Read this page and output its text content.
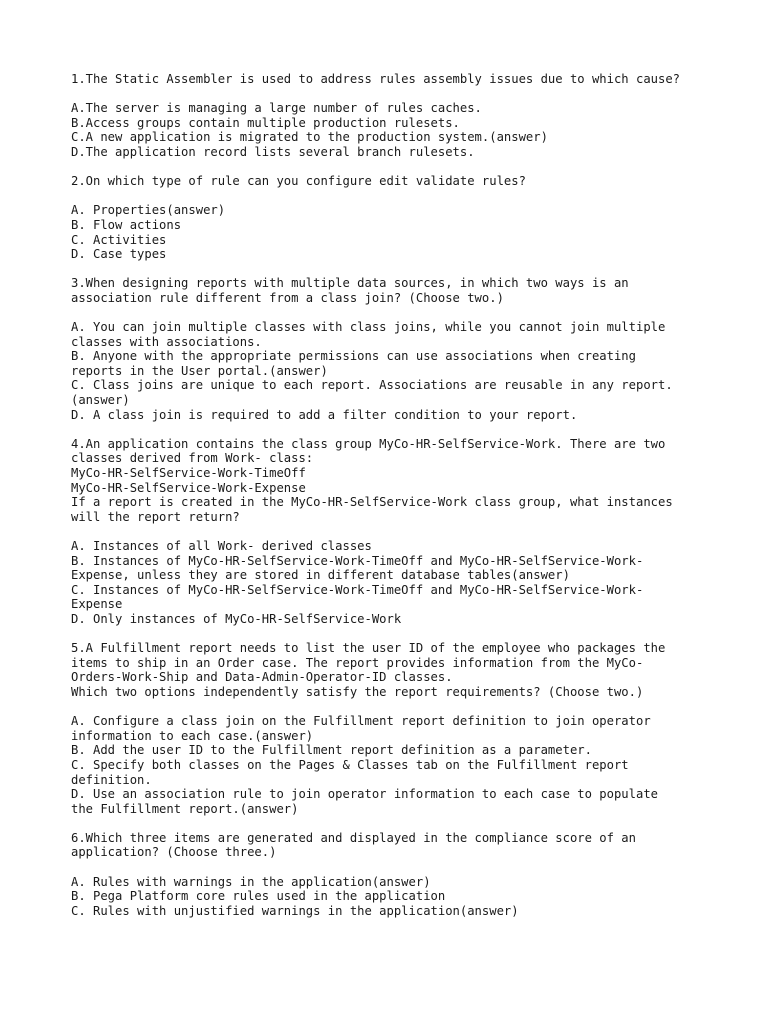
1.The Static Assembler is used to address rules assembly issues due to which cause?
A.The server is managing a large number of rules caches.
B.Access groups contain multiple production rulesets.
C.A new application is migrated to the production system.(answer)
D.The application record lists several branch rulesets.
2.On which type of rule can you configure edit validate rules?
A. Properties(answer)
B. Flow actions
C. Activities
D. Case types
3.When designing reports with multiple data sources, in which two ways is an
association rule different from a class join? (Choose two.)
A. You can join multiple classes with class joins, while you cannot join multiple
classes with associations.
B. Anyone with the appropriate permissions can use associations when creating
reports in the User portal.(answer)
C. Class joins are unique to each report. Associations are reusable in any report.
(answer)
D. A class join is required to add a filter condition to your report.
4.An application contains the class group MyCo-HR-SelfService-Work. There are two
classes derived from Work- class:
MyCo-HR-SelfService-Work-TimeOff
MyCo-HR-SelfService-Work-Expense
If a report is created in the MyCo-HR-SelfService-Work class group, what instances
will the report return?
A. Instances of all Work- derived classes
B. Instances of MyCo-HR-SelfService-Work-TimeOff and MyCo-HR-SelfService-Work-
Expense, unless they are stored in different database tables(answer)
C. Instances of MyCo-HR-SelfService-Work-TimeOff and MyCo-HR-SelfService-Work-
Expense
D. Only instances of MyCo-HR-SelfService-Work
5.A Fulfillment report needs to list the user ID of the employee who packages the
items to ship in an Order case. The report provides information from the MyCo-
Orders-Work-Ship and Data-Admin-Operator-ID classes.
Which two options independently satisfy the report requirements? (Choose two.)
A. Configure a class join on the Fulfillment report definition to join operator
information to each case.(answer)
B. Add the user ID to the Fulfillment report definition as a parameter.
C. Specify both classes on the Pages & Classes tab on the Fulfillment report
definition.
D. Use an association rule to join operator information to each case to populate
the Fulfillment report.(answer)
6.Which three items are generated and displayed in the compliance score of an
application? (Choose three.)
A. Rules with warnings in the application(answer)
B. Pega Platform core rules used in the application
C. Rules with unjustified warnings in the application(answer)
